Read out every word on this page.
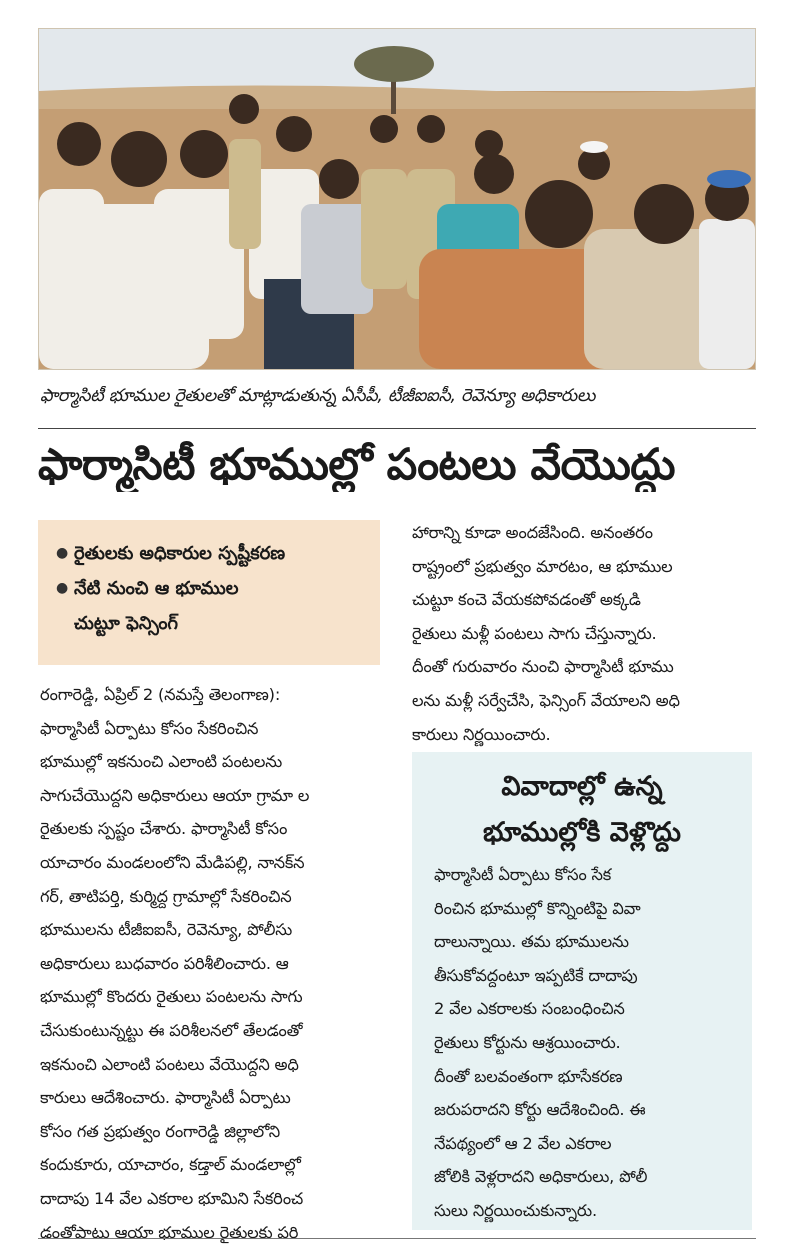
ఫార్మాసిటీ భూముల రైతులతో మాట్లాడుతున్న ఏసీపీ, టీజీఐఐసీ, రెవెన్యూ అధికారులు
ఫార్మాసిటీ భూముల్లో పంటలు వేయొద్దు
● రైతులకు అధికారుల స్పష్టీకరణ
● నేటి నుంచి ఆ భూముల
చుట్టూ ఫెన్సింగ్
రంగారెడ్డి, ఏప్రిల్ 2 (నమస్తే తెలంగాణ):
ఫార్మాసిటీ ఏర్పాటు కోసం సేకరించిన
భూముల్లో ఇకనుంచి ఎలాంటి పంటలను
సాగుచేయొద్దని అధికారులు ఆయా గ్రామా ల
రైతులకు స్పష్టం చేశారు. ఫార్మాసిటీ కోసం
యాచారం మండలంలోని మేడిపల్లి, నానక్‌న
గర్, తాటిపర్తి, కుర్మిద్ద గ్రామాల్లో సేకరించిన
భూములను టీజీఐఐసీ, రెవెన్యూ, పోలీసు
అధికారులు బుధవారం పరిశీలించారు. ఆ
భూముల్లో కొందరు రైతులు పంటలను సాగు
చేసుకుంటున్నట్టు ఈ పరిశీలనలో తేలడంతో
ఇకనుంచి ఎలాంటి పంటలు వేయొద్దని అధి
కారులు ఆదేశించారు. ఫార్మాసిటీ ఏర్పాటు
కోసం గత ప్రభుత్వం రంగారెడ్డి జిల్లాలోని
కందుకూరు, యాచారం, కడ్తాల్ మండలాల్లో
దాదాపు 14 వేల ఎకరాల భూమిని సేకరించ
డంతోపాటు ఆయా భూముల రైతులకు పరి
హారాన్ని కూడా అందజేసింది. అనంతరం
రాష్ట్రంలో ప్రభుత్వం మారటం, ఆ భూముల
చుట్టూ కంచె వేయకపోవడంతో అక్కడి
రైతులు మళ్లీ పంటలు సాగు చేస్తున్నారు.
దీంతో గురువారం నుంచి ఫార్మాసిటీ భూము
లను మళ్లీ సర్వేచేసి, ఫెన్సింగ్ వేయాలని అధి
కారులు నిర్ణయించారు.
వివాదాల్లో ఉన్న
భూముల్లోకి వెళ్లొద్దు
ఫార్మాసిటీ ఏర్పాటు కోసం సేక
రించిన భూముల్లో కొన్నింటిపై వివా
దాలున్నాయి. తమ భూములను
తీసుకోవద్దంటూ ఇప్పటికే దాదాపు
2 వేల ఎకరాలకు సంబంధించిన
రైతులు కోర్టును ఆశ్రయించారు.
దీంతో బలవంతంగా భూసేకరణ
జరుపరాదని కోర్టు ఆదేశించింది. ఈ
నేపథ్యంలో ఆ 2 వేల ఎకరాల
జోలికి వెళ్లరాదని అధికారులు, పోలీ
సులు నిర్ణయించుకున్నారు.
